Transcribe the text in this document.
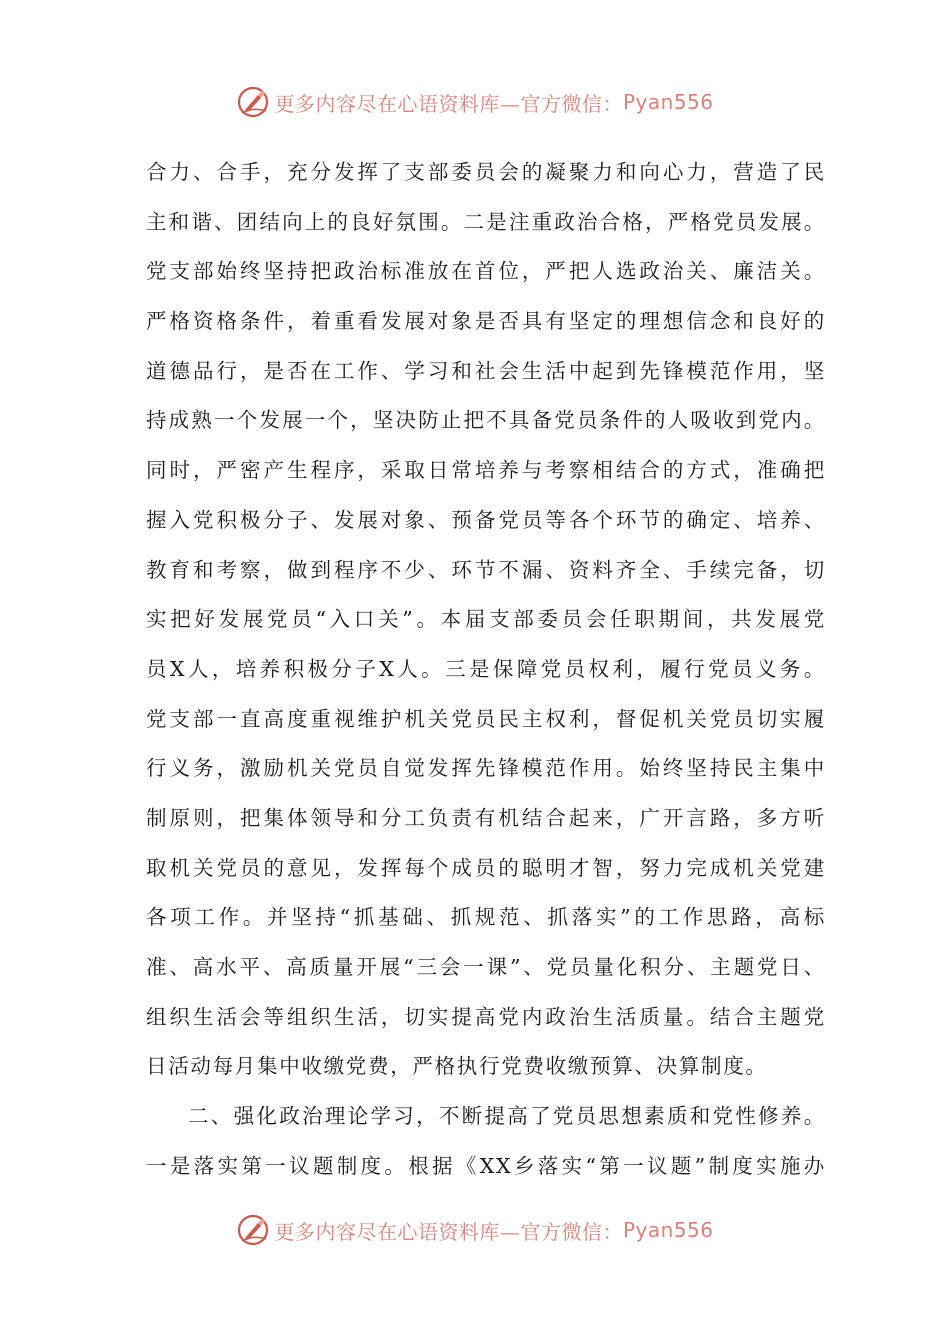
更多内容尽在心语资料库—官方微信： Pyan556
合力、合手，充分发挥了支部委员会的凝聚力和向心力，营造了民
主和谐、团结向上的良好氛围。二是注重政治合格，严格党员发展。
党支部始终坚持把政治标准放在首位，严把人选政治关、廉洁关。
严格资格条件，着重看发展对象是否具有坚定的理想信念和良好的
道德品行，是否在工作、学习和社会生活中起到先锋模范作用，坚
持成熟一个发展一个，坚决防止把不具备党员条件的人吸收到党内。
同时，严密产生程序，采取日常培养与考察相结合的方式，准确把
握入党积极分子、发展对象、预备党员等各个环节的确定、培养、
教育和考察，做到程序不少、环节不漏、资料齐全、手续完备，切
实把好发展党员“入口关”。本届支部委员会任职期间，共发展党
员X人，培养积极分子X人。三是保障党员权利，履行党员义务。
党支部一直高度重视维护机关党员民主权利，督促机关党员切实履
行义务，激励机关党员自觉发挥先锋模范作用。始终坚持民主集中
制原则，把集体领导和分工负责有机结合起来，广开言路，多方听
取机关党员的意见，发挥每个成员的聪明才智，努力完成机关党建
各项工作。并坚持“抓基础、抓规范、抓落实”的工作思路，高标
准、高水平、高质量开展“三会一课”、党员量化积分、主题党日、
组织生活会等组织生活，切实提高党内政治生活质量。结合主题党
日活动每月集中收缴党费，严格执行党费收缴预算、决算制度。
二、强化政治理论学习，不断提高了党员思想素质和党性修养。
一是落实第一议题制度。根据《XX乡落实“第一议题”制度实施办
更多内容尽在心语资料库—官方微信： Pyan556
